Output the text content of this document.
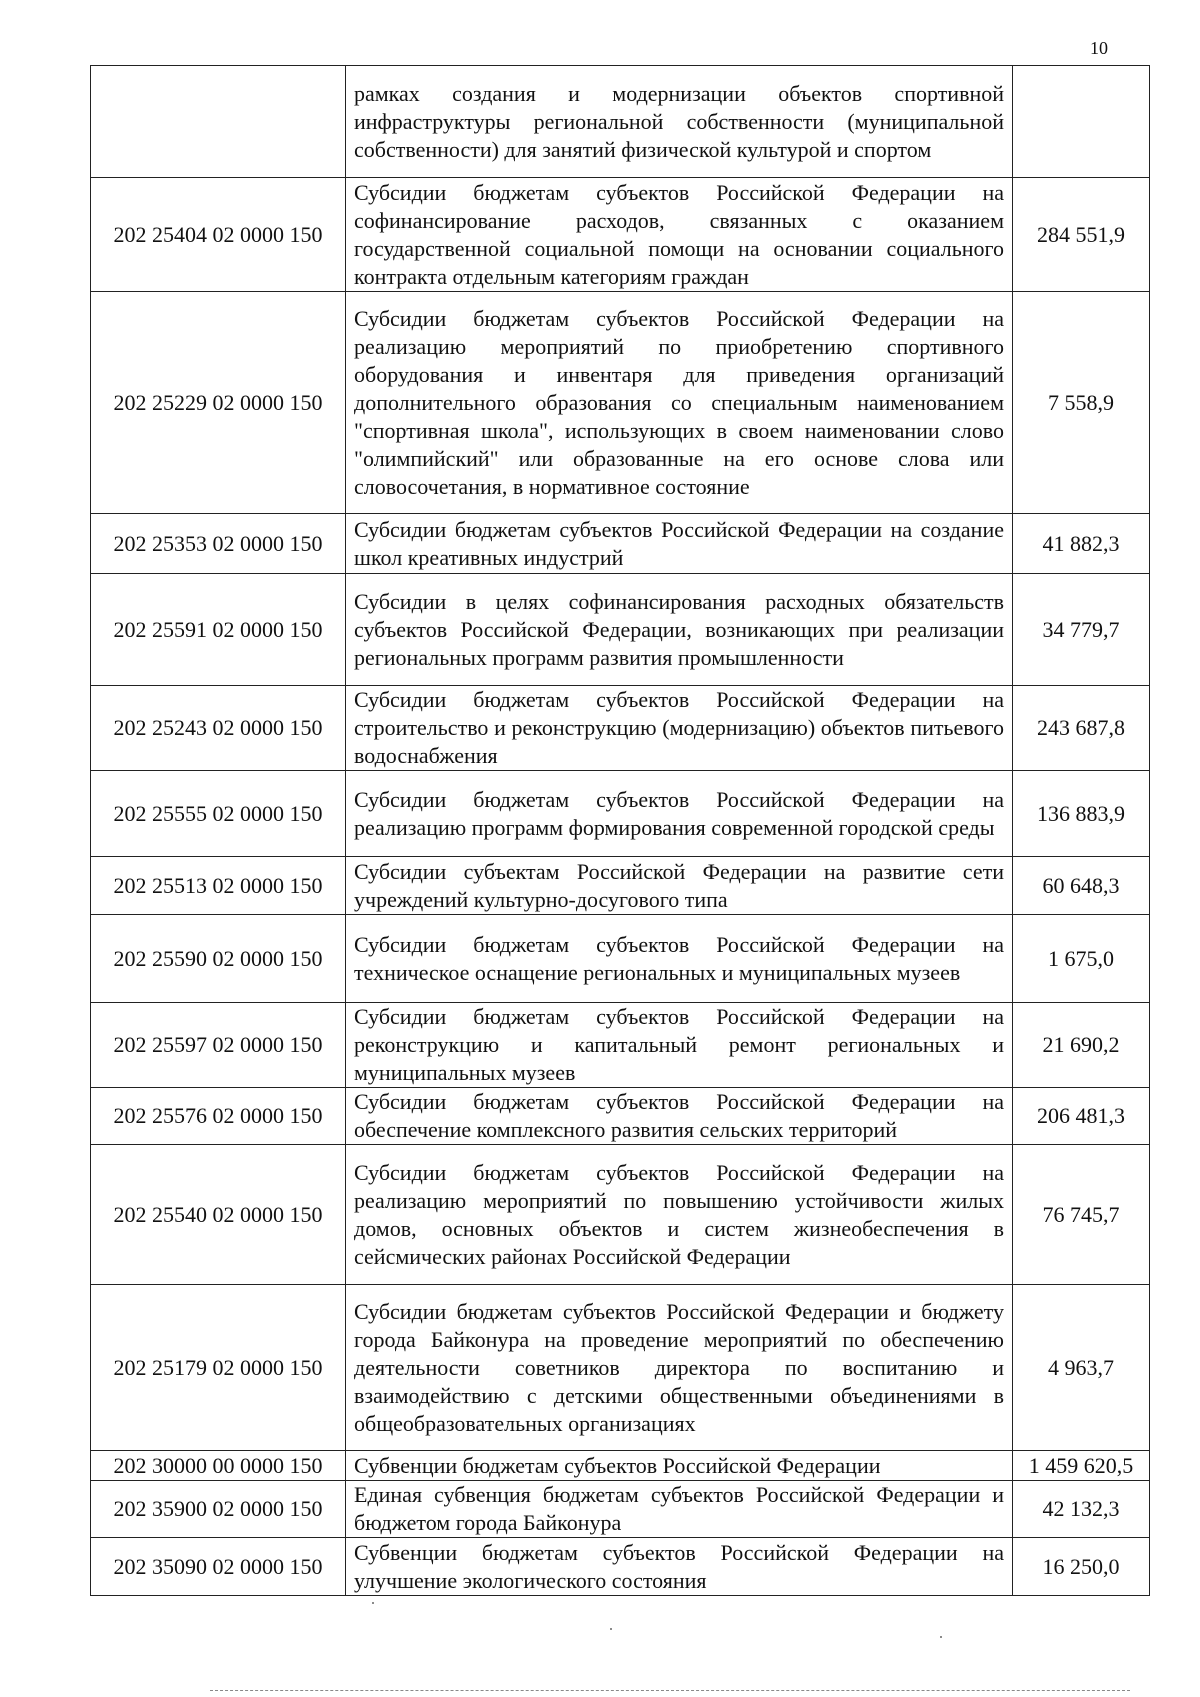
10
	рамках создания и модернизации объектов спортивной инфраструктуры региональной собственности (муниципальной собственности) для занятий физической культурой и спортом	
202 25404 02 0000 150	Субсидии бюджетам субъектов Российской Федерации на софинансирование расходов, связанных с оказанием государственной социальной помощи на основании социального контракта отдельным категориям граждан	284 551,9
202 25229 02 0000 150	Субсидии бюджетам субъектов Российской Федерации на реализацию мероприятий по приобретению спортивного оборудования и инвентаря для приведения организаций дополнительного образования со специальным наименованием "спортивная школа", использующих в своем наименовании слово "олимпийский" или образованные на его основе слова или словосочетания, в нормативное состояние	7 558,9
202 25353 02 0000 150	Субсидии бюджетам субъектов Российской Федерации на создание школ креативных индустрий	41 882,3
202 25591 02 0000 150	Субсидии в целях софинансирования расходных обязательств субъектов Российской Федерации, возникающих при реализации региональных программ развития промышленности	34 779,7
202 25243 02 0000 150	Субсидии бюджетам субъектов Российской Федерации на строительство и реконструкцию (модернизацию) объектов питьевого водоснабжения	243 687,8
202 25555 02 0000 150	Субсидии бюджетам субъектов Российской Федерации на реализацию программ формирования современной городской среды	136 883,9
202 25513 02 0000 150	Субсидии субъектам Российской Федерации на развитие сети учреждений культурно-досугового типа	60 648,3
202 25590 02 0000 150	Субсидии бюджетам субъектов Российской Федерации на техническое оснащение региональных и муниципальных музеев	1 675,0
202 25597 02 0000 150	Субсидии бюджетам субъектов Российской Федерации на реконструкцию и капитальный ремонт региональных и муниципальных музеев	21 690,2
202 25576 02 0000 150	Субсидии бюджетам субъектов Российской Федерации на обеспечение комплексного развития сельских территорий	206 481,3
202 25540 02 0000 150	Субсидии бюджетам субъектов Российской Федерации на реализацию мероприятий по повышению устойчивости жилых домов, основных объектов и систем жизнеобеспечения в сейсмических районах Российской Федерации	76 745,7
202 25179 02 0000 150	Субсидии бюджетам субъектов Российской Федерации и бюджету города Байконура на проведение мероприятий по обеспечению деятельности советников директора по воспитанию и взаимодействию с детскими общественными объединениями в общеобразовательных организациях	4 963,7
202 30000 00 0000 150	Субвенции бюджетам субъектов Российской Федерации	1 459 620,5
202 35900 02 0000 150	Единая субвенция бюджетам субъектов Российской Федерации и бюджетом города Байконура	42 132,3
202 35090 02 0000 150	Субвенции бюджетам субъектов Российской Федерации на улучшение экологического состояния	16 250,0
